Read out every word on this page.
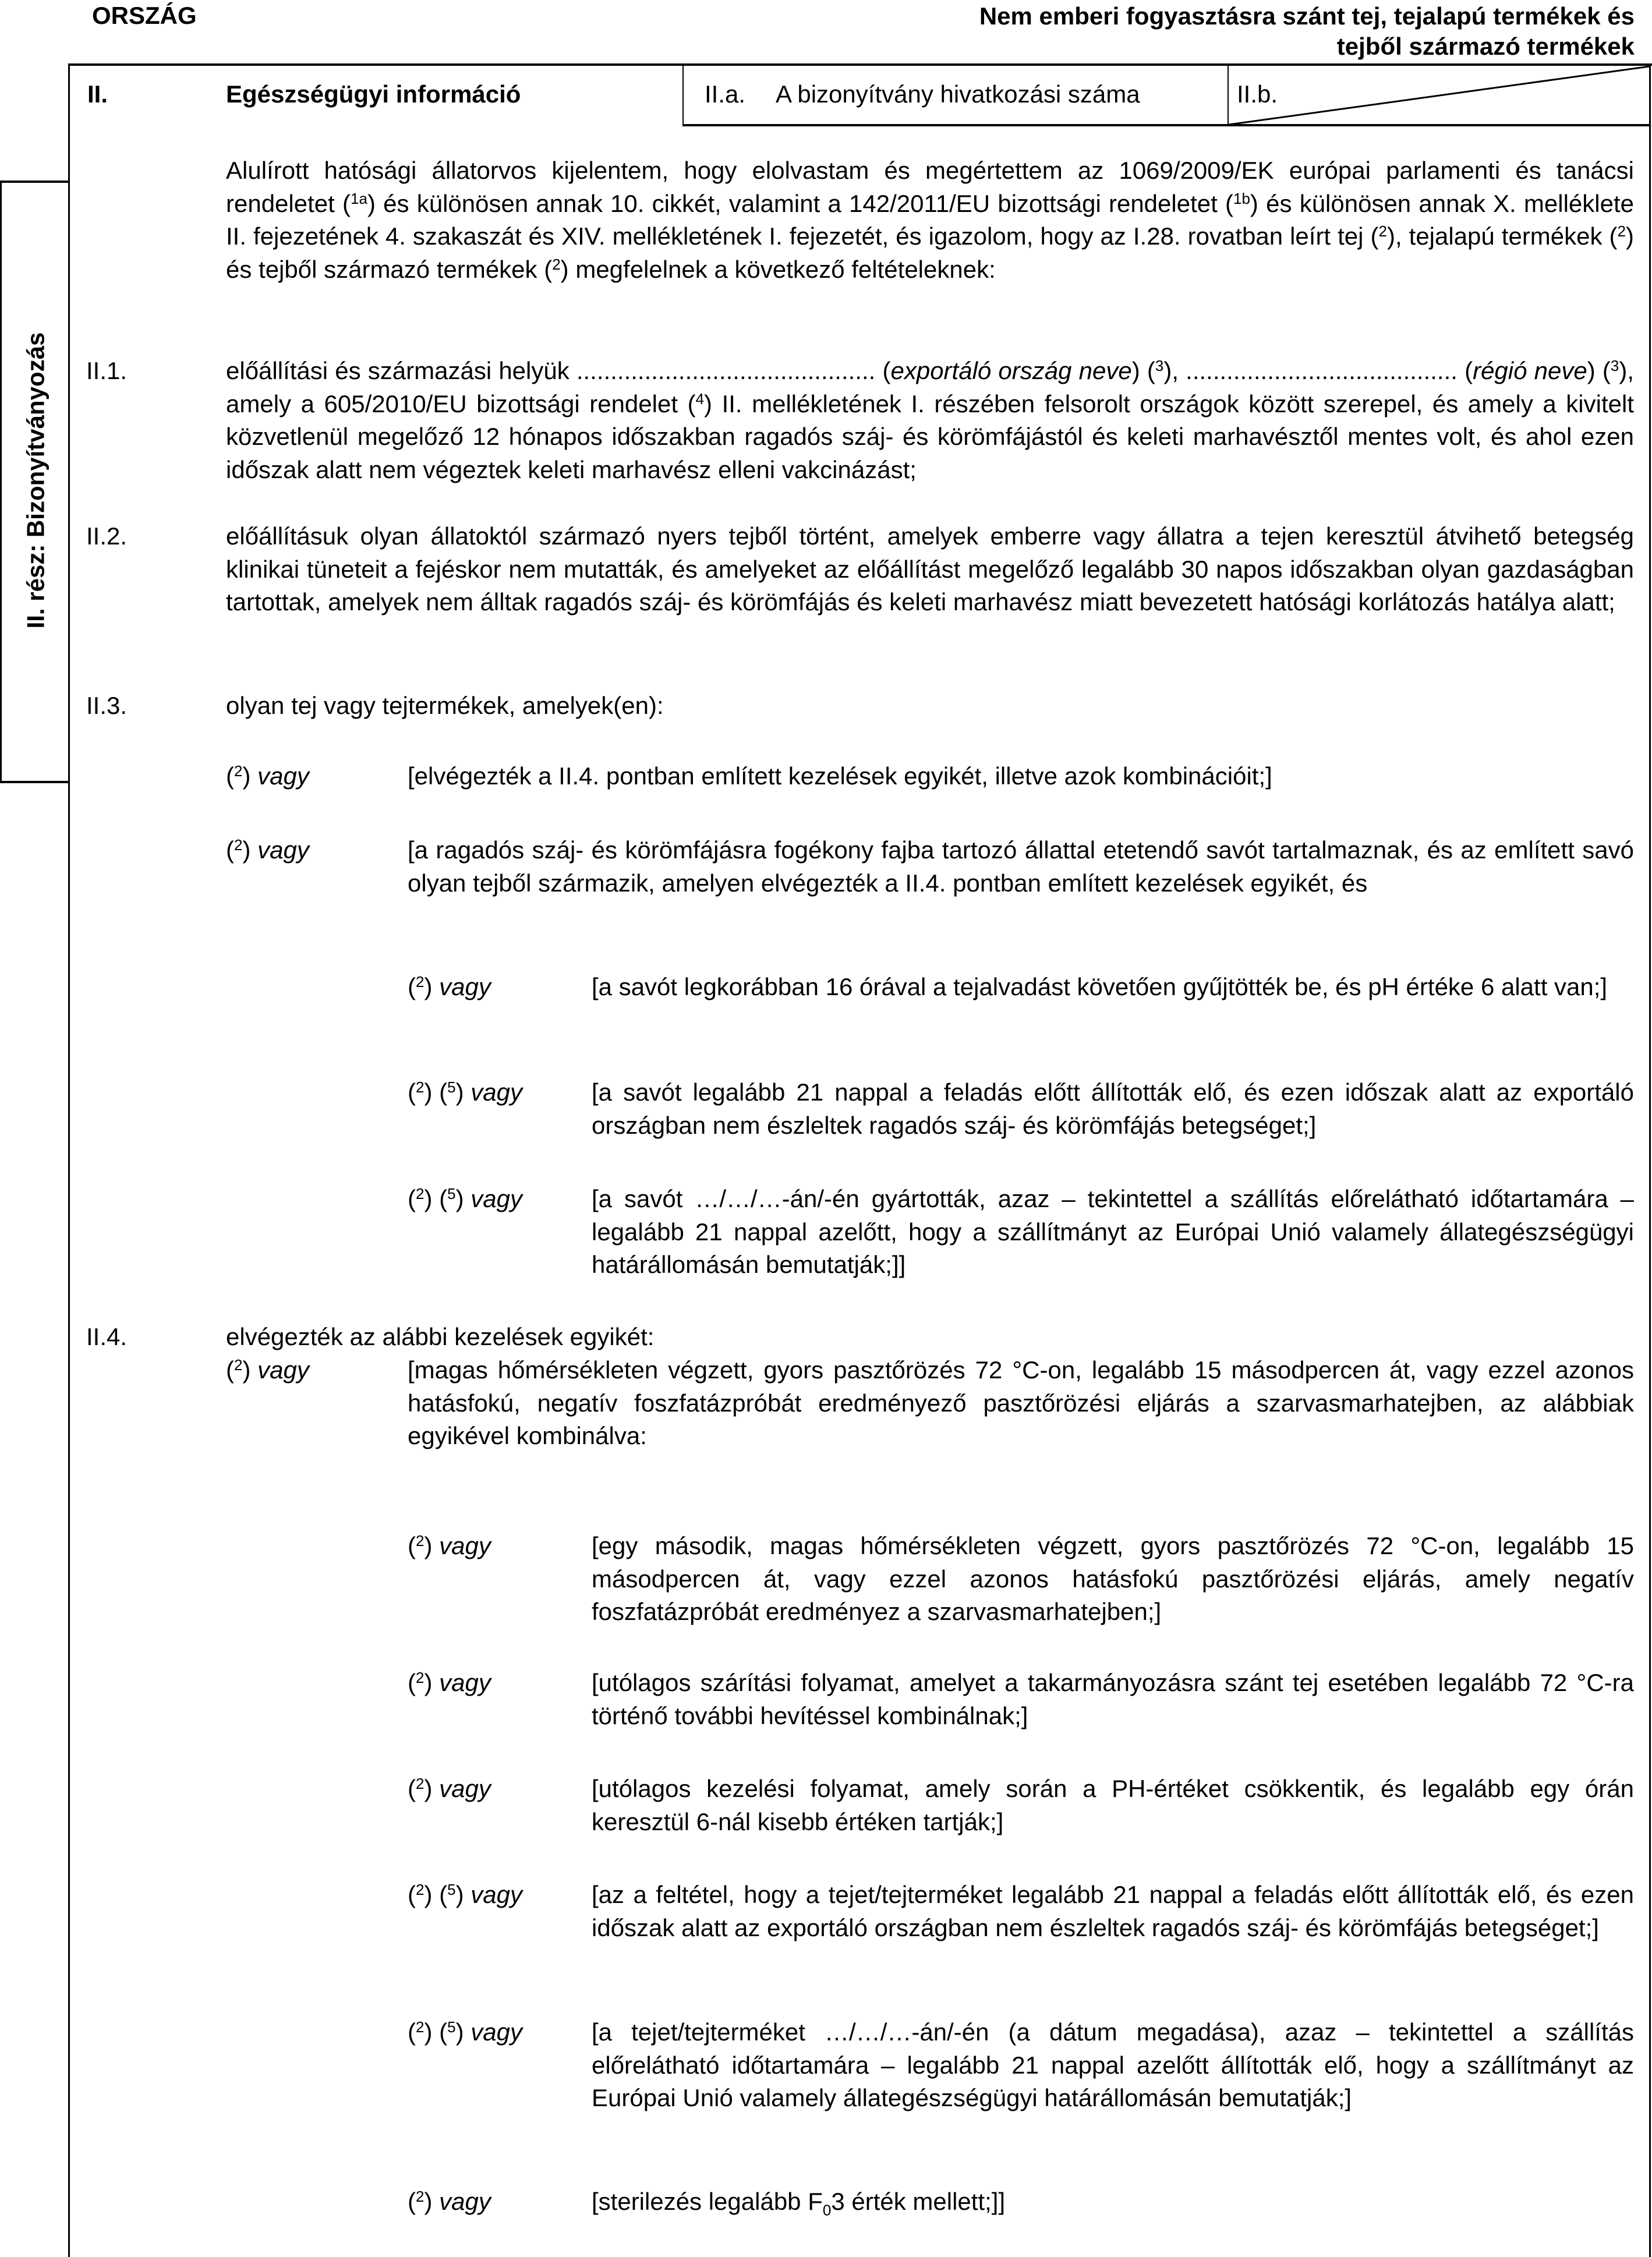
ORSZÁG	Nem emberi fogyasztásra szánt tej, tejalapú termékek és
tejből származó termékek
II. rész: Bizonyítványozás
II.	Egészségügyi információ	II.a. A bizonyítvány hivatkozási száma	II.b.
Alulírott hatósági állatorvos kijelentem, hogy elolvastam és megértettem az 1069/2009/EK európai parlamenti és tanácsi rendeletet ($^{1a}$) és különösen annak 10. cikkét, valamint a 142/2011/EU bizottsági rendeletet ($^{1b}$) és különösen annak X. melléklete II. fejezetének 4. szakaszát és XIV. mellékletének I. fejezetét, és igazolom, hogy az I.28. rovatban leírt tej ($^2$), tejalapú termékek ($^2$) és tejből származó termékek ($^2$) megfelelnek a következő feltételeknek:
II.1.	előállítási és származási helyük ............................................ (exportáló ország neve) ($^3$), ........................................ (régió neve) ($^3$), amely a 605/2010/EU bizottsági rendelet ($^4$) II. mellékletének I. részében felsorolt országok között szerepel, és amely a kivitelt közvetlenül megelőző 12 hónapos időszakban ragadós száj- és körömfájástól és keleti marhavésztől mentes volt, és ahol ezen időszak alatt nem végeztek keleti marhavész elleni vakcinázást;
II.2.	előállításuk olyan állatoktól származó nyers tejből történt, amelyek emberre vagy állatra a tejen keresztül átvihető betegség klinikai tüneteit a fejéskor nem mutatták, és amelyeket az előállítást megelőző legalább 30 napos időszakban olyan gazdaságban tartottak, amelyek nem álltak ragadós száj- és körömfájás és keleti marhavész miatt bevezetett hatósági korlátozás hatálya alatt;
II.3.	olyan tej vagy tejtermékek, amelyek(en):
($^2$) vagy	[elvégezték a II.4. pontban említett kezelések egyikét, illetve azok kombinációit;]
($^2$) vagy	[a ragadós száj- és körömfájásra fogékony fajba tartozó állattal etetendő savót tartalmaznak, és az említett savó olyan tejből származik, amelyen elvégezték a II.4. pontban említett kezelések egyikét, és
($^2$) vagy	[a savót legkorábban 16 órával a tejalvadást követően gyűjtötték be, és pH értéke 6 alatt van;]
($^2$) ($^5$) vagy	[a savót legalább 21 nappal a feladás előtt állították elő, és ezen időszak alatt az exportáló országban nem észleltek ragadós száj- és körömfájás betegséget;]
($^2$) ($^5$) vagy	[a savót …/…/…-án/-én gyártották, azaz – tekintettel a szállítás előrelátható időtartamára – legalább 21 nappal azelőtt, hogy a szállítmányt az Európai Unió valamely állategészségügyi határállomásán bemutatják;]]
II.4.	elvégezték az alábbi kezelések egyikét:
($^2$) vagy	[magas hőmérsékleten végzett, gyors pasztőrözés 72 °C-on, legalább 15 másodpercen át, vagy ezzel azonos hatásfokú, negatív foszfatázpróbát eredményező pasztőrözési eljárás a szarvasmarhatejben, az alábbiak egyikével kombinálva:
($^2$) vagy	[egy második, magas hőmérsékleten végzett, gyors pasztőrözés 72 °C-on, legalább 15 másodpercen át, vagy ezzel azonos hatásfokú pasztőrözési eljárás, amely negatív foszfatázpróbát eredményez a szarvasmarhatejben;]
($^2$) vagy	[utólagos szárítási folyamat, amelyet a takarmányozásra szánt tej esetében legalább 72 °C-ra történő további hevítéssel kombinálnak;]
($^2$) vagy	[utólagos kezelési folyamat, amely során a PH-értéket csökkentik, és legalább egy órán keresztül 6-nál kisebb értéken tartják;]
($^2$) ($^5$) vagy	[az a feltétel, hogy a tejet/tejterméket legalább 21 nappal a feladás előtt állították elő, és ezen időszak alatt az exportáló országban nem észleltek ragadós száj- és körömfájás betegséget;]
($^2$) ($^5$) vagy	[a tejet/tejterméket …/…/…-án/-én (a dátum megadása), azaz – tekintettel a szállítás előrelátható időtartamára – legalább 21 nappal azelőtt állították elő, hogy a szállítmányt az Európai Unió valamely állategészségügyi határállomásán bemutatják;]
($^2$) vagy	[sterilezés legalább $F_03$ érték mellett;]]
